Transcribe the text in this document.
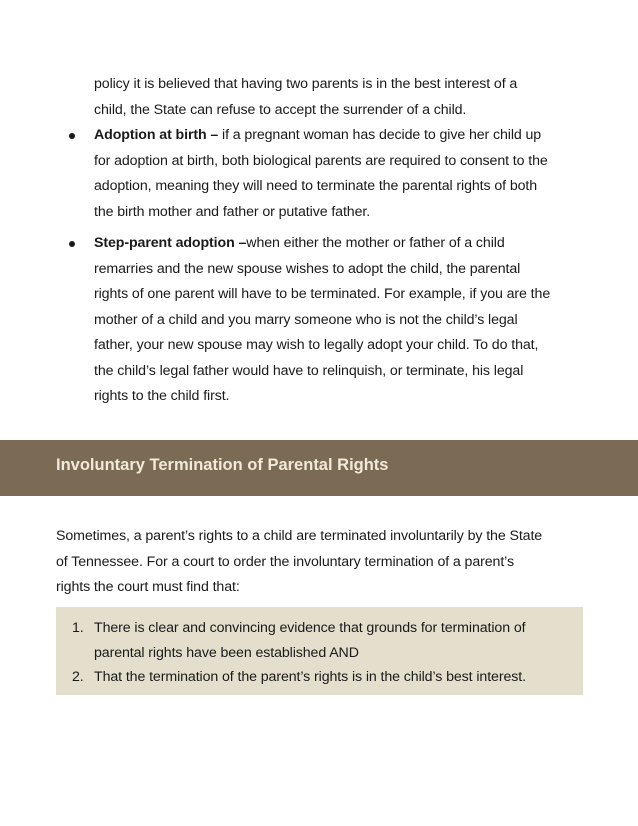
policy it is believed that having two parents is in the best interest of a
child, the State can refuse to accept the surrender of a child.
Adoption at birth – if a pregnant woman has decide to give her child up
for adoption at birth, both biological parents are required to consent to the
adoption, meaning they will need to terminate the parental rights of both
the birth mother and father or putative father.
Step-parent adoption –when either the mother or father of a child
remarries and the new spouse wishes to adopt the child, the parental
rights of one parent will have to be terminated. For example, if you are the
mother of a child and you marry someone who is not the child’s legal
father, your new spouse may wish to legally adopt your child. To do that,
the child’s legal father would have to relinquish, or terminate, his legal
rights to the child first.
Involuntary Termination of Parental Rights
Sometimes, a parent’s rights to a child are terminated involuntarily by the State
of Tennessee. For a court to order the involuntary termination of a parent’s
rights the court must find that:
1. There is clear and convincing evidence that grounds for termination of
parental rights have been established AND
2. That the termination of the parent’s rights is in the child’s best interest.
